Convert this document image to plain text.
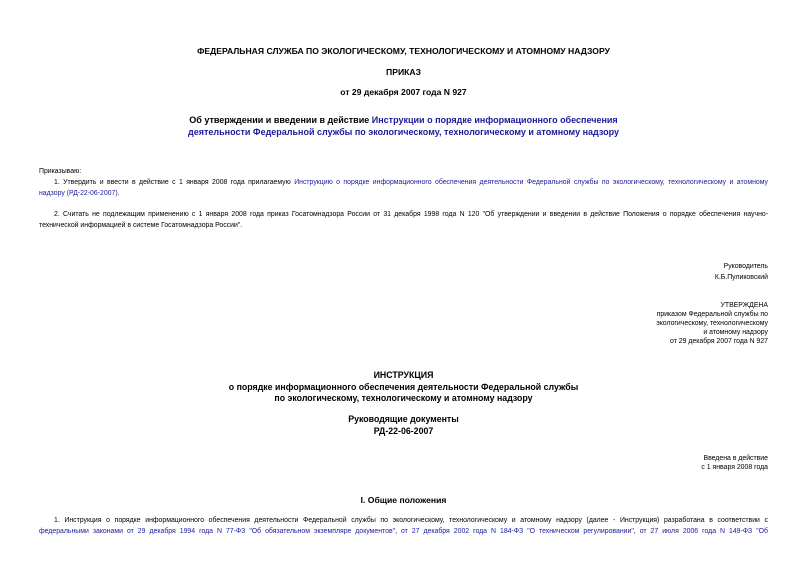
ФЕДЕРАЛЬНАЯ СЛУЖБА ПО ЭКОЛОГИЧЕСКОМУ, ТЕХНОЛОГИЧЕСКОМУ И АТОМНОМУ НАДЗОРУ
ПРИКАЗ
от 29 декабря 2007 года N 927
Об утверждении и введении в действие Инструкции о порядке информационного обеспечения
деятельности Федеральной службы по экологическому, технологическому и атомному надзору
Приказываю:
1. Утвердить и ввести в действие с 1 января 2008 года прилагаемую Инструкцию о порядке информационного обеспечения деятельности Федеральной службы по экологическому, технологическому и атомному
надзору (РД-22-06-2007).
2. Считать не подлежащим применению с 1 января 2008 года приказ Госатомнадзора России от 31 декабря 1998 года N 120 "Об утверждении и введении в действие Положения о порядке обеспечения научно-
технической информацией в системе Госатомнадзора России".
Руководитель
К.Б.Пуликовский
УТВЕРЖДЕНА
приказом Федеральной службы по
экологическому, технологическому
и атомному надзору
от 29 декабря 2007 года N 927
ИНСТРУКЦИЯ
о порядке информационного обеспечения деятельности Федеральной службы
по экологическому, технологическому и атомному надзору
Руководящие документы
РД-22-06-2007
Введена в действие
с 1 января 2008 года
I. Общие положения
1. Инструкция о порядке информационного обеспечения деятельности Федеральной службы по экологическому, технологическому и атомному надзору (далее - Инструкция) разработана в соответствии с
федеральными законами от 29 декабря 1994 года N 77-ФЗ "Об обязательном экземпляре документов", от 27 декабря 2002 года N 184-ФЗ "О техническом регулировании", от 27 июля 2006 года N 149-ФЗ "Об
